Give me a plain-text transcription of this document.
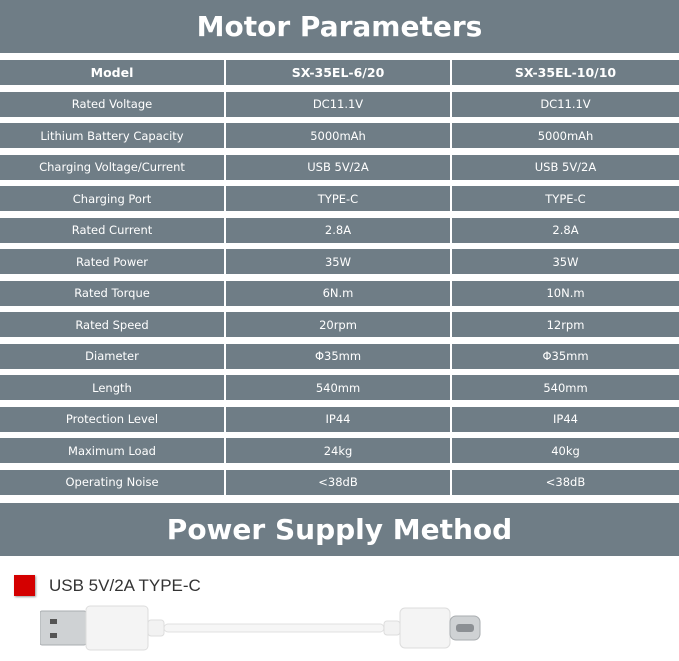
Motor Parameters
Model	SX-35EL-6/20	SX-35EL-10/10
Rated Voltage	DC11.1V	DC11.1V
Lithium Battery Capacity	5000mAh	5000mAh
Charging Voltage/Current	USB 5V/2A	USB 5V/2A
Charging Port	TYPE-C	TYPE-C
Rated Current	2.8A	2.8A
Rated Power	35W	35W
Rated Torque	6N.m	10N.m
Rated Speed	20rpm	12rpm
Diameter	Φ35mm	Φ35mm
Length	540mm	540mm
Protection Level	IP44	IP44
Maximum Load	24kg	40kg
Operating Noise	<38dB	<38dB
Power Supply Method
USB 5V/2A TYPE-C
